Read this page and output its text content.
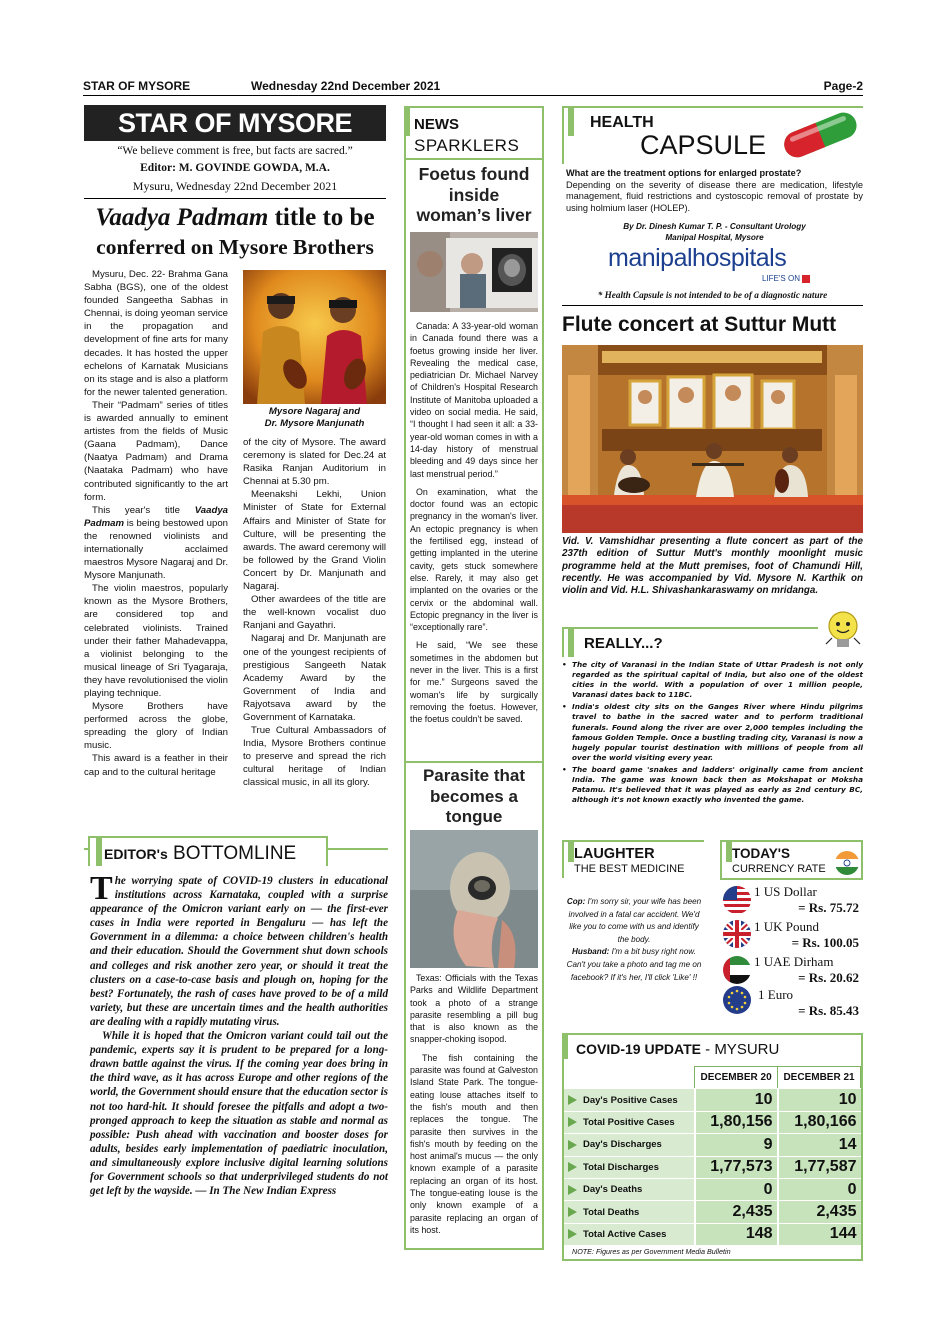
STAR OF MYSORE	Wednesday 22nd December 2021	Page-2
STAR OF MYSORE
“We believe comment is free, but facts are sacred.”
Editor: M. GOVINDE GOWDA, M.A.
Mysuru, Wednesday 22nd December 2021
Vaadya Padmam title to be
conferred on Mysore Brothers

Mysuru, Dec. 22- Brahma Gana Sabha (BGS), one of the oldest founded Sangeetha Sabhas in Chennai, is doing yeoman service in the propagation and development of fine arts for many decades. It has hosted the upper echelons of Karnatak Musicians on its stage and is also a platform for the newer talented generation.

Their “Padmam” series of titles is awarded annually to eminent artistes from the fields of Music (Gaana Padmam), Dance (Naatya Padmam) and Drama (Naataka Padmam) who have contributed significantly to the art form.

This year's title Vaadya Padmam is being bestowed upon the renowned violinists and internationally acclaimed maestros Mysore Nagaraj and Dr. Mysore Manjunath.

The violin maestros, popularly known as the Mysore Brothers, are considered top and celebrated violinists. Trained under their father Mahadevappa, a violinist belonging to the musical lineage of Sri Tyagaraja, they have revolutionised the violin playing technique.

Mysore Brothers have performed across the globe, spreading the glory of Indian music.

This award is a feather in their cap and to the cultural heritage

Mysore Nagaraj and
Dr. Mysore Manjunath

of the city of Mysore. The award ceremony is slated for Dec.24 at Rasika Ranjan Auditorium in Chennai at 5.30 pm.

Meenakshi Lekhi, Union Minister of State for External Affairs and Minister of State for Culture, will be presenting the awards. The award ceremony will be followed by the Grand Violin Concert by Dr. Manjunath and Nagaraj.

Other awardees of the title are the well-known vocalist duo Ranjani and Gayathri.

Nagaraj and Dr. Manjunath are one of the youngest recipients of prestigious Sangeeth Natak Academy Award by the Government of India and Rajyotsava award by the Government of Karnataka.

True Cultural Ambassadors of India, Mysore Brothers continue to preserve and spread the rich cultural heritage of Indian classical music, in all its glory.

EDITOR's BOTTOMLINE

The worrying spate of COVID-19 clusters in educational institutions across Karnataka, coupled with a surprise appearance of the Omicron variant early on — the first-ever cases in India were reported in Bengaluru — has left the Government in a dilemma: a choice between children's health and their education. Should the Government shut down schools and colleges and risk another zero year, or should it treat the clusters on a case-to-case basis and plough on, hoping for the best? Fortunately, the rash of cases have proved to be of a mild variety, but these are uncertain times and the health authorities are dealing with a rapidly mutating virus.

While it is hoped that the Omicron variant could tail out the pandemic, experts say it is prudent to be prepared for a long-drawn battle against the virus. If the coming year does bring in the third wave, as it has across Europe and other regions of the world, the Government should ensure that the education sector is not too hard-hit. It should foresee the pitfalls and adopt a two-pronged approach to keep the situation as stable and normal as possible: Push ahead with vaccination and booster doses for adults, besides early implementation of paediatric inoculation, and simultaneously explore inclusive digital learning solutions for Government schools so that underprivileged students do not get left by the wayside. — In The New Indian Express

NEWS
SPARKLERS
Foetus found inside woman’s liver

Canada: A 33-year-old woman in Canada found there was a foetus growing inside her liver. Revealing the medical case, pediatrician Dr. Michael Narvey of Children's Hospital Research Institute of Manitoba uploaded a video on social media. He said, “I thought I had seen it all: a 33-year-old woman comes in with a 14-day history of menstrual bleeding and 49 days since her last menstrual period.”

On examination, what the doctor found was an ectopic pregnancy in the woman's liver. An ectopic pregnancy is when the fertilised egg, instead of getting implanted in the uterine cavity, gets stuck somewhere else. Rarely, it may also get implanted on the ovaries or the cervix or the abdominal wall. Ectopic pregnancy in the liver is “exceptionally rare”.

He said, “We see these sometimes in the abdomen but never in the liver. This is a first for me.” Surgeons saved the woman's life by surgically removing the foetus. However, the foetus couldn't be saved.

Parasite that becomes a tongue

Texas: Officials with the Texas Parks and Wildlife Department took a photo of a strange parasite resembling a pill bug that is also known as the snapper-choking isopod.

The fish containing the parasite was found at Galveston Island State Park. The tongue-eating louse attaches itself to the fish's mouth and then replaces the tongue. The parasite then survives in the fish's mouth by feeding on the host animal's mucus — the only known example of a parasite replacing an organ of its host. The tongue-eating louse is the only known example of a parasite replacing an organ of its host.

HEALTH
CAPSULE
What are the treatment options for enlarged prostate?
Depending on the severity of disease there are medication, lifestyle management, fluid restrictions and cystoscopic removal of prostate by using holmium laser (HOLEP).
By Dr. Dinesh Kumar T. P. - Consultant Urology
Manipal Hospital, Mysore
manipalhospitals
LIFE'S ON
* Health Capsule is not intended to be of a diagnostic nature
Flute concert at Suttur Mutt
Vid. V. Vamshidhar presenting a flute concert as part of the 237th edition of Suttur Mutt's monthly moonlight music programme held at the Mutt premises, foot of Chamundi Hill, recently. He was accompanied by Vid. Mysore N. Karthik on violin and Vid. H.L. Shivashankaraswamy on mridanga.
REALLY...?
• The city of Varanasi in the Indian State of Uttar Pradesh is not only regarded as the spiritual capital of India, but also one of the oldest cities in the world. With a population of over 1 million people, Varanasi dates back to 11BC.
• India's oldest city sits on the Ganges River where Hindu pilgrims travel to bathe in the sacred water and to perform traditional funerals. Found along the river are over 2,000 temples including the famous Golden Temple. Once a bustling trading city, Varanasi is now a hugely popular tourist destination with millions of people from all over the world visiting every year.
• The board game 'snakes and ladders' originally came from ancient India. The game was known back then as Mokshapat or Moksha Patamu. It's believed that it was played as early as 2nd century BC, although it's not known exactly who invented the game.
LAUGHTER
THE BEST MEDICINE
Cop: I'm sorry sir, your wife has been involved in a fatal car accident. We'd like you to come with us and identify the body.
Husband: I'm a bit busy right now. Can't you take a photo and tag me on facebook? If it's her, I'll click 'Like' !!
TODAY'S
CURRENCY RATE
1 US Dollar
= Rs. 75.72
1 UK Pound
= Rs. 100.05
1 UAE Dirham
= Rs. 20.62
1 Euro
= Rs. 85.43
COVID-19 UPDATE - MYSURU
	DECEMBER 20	DECEMBER 21
Day's Positive Cases	10	10
Total Positive Cases	1,80,156	1,80,166
Day's Discharges	9	14
Total Discharges	1,77,573	1,77,587
Day's Deaths	0	0
Total Deaths	2,435	2,435
Total Active Cases	148	144
NOTE: Figures as per Government Media Bulletin
